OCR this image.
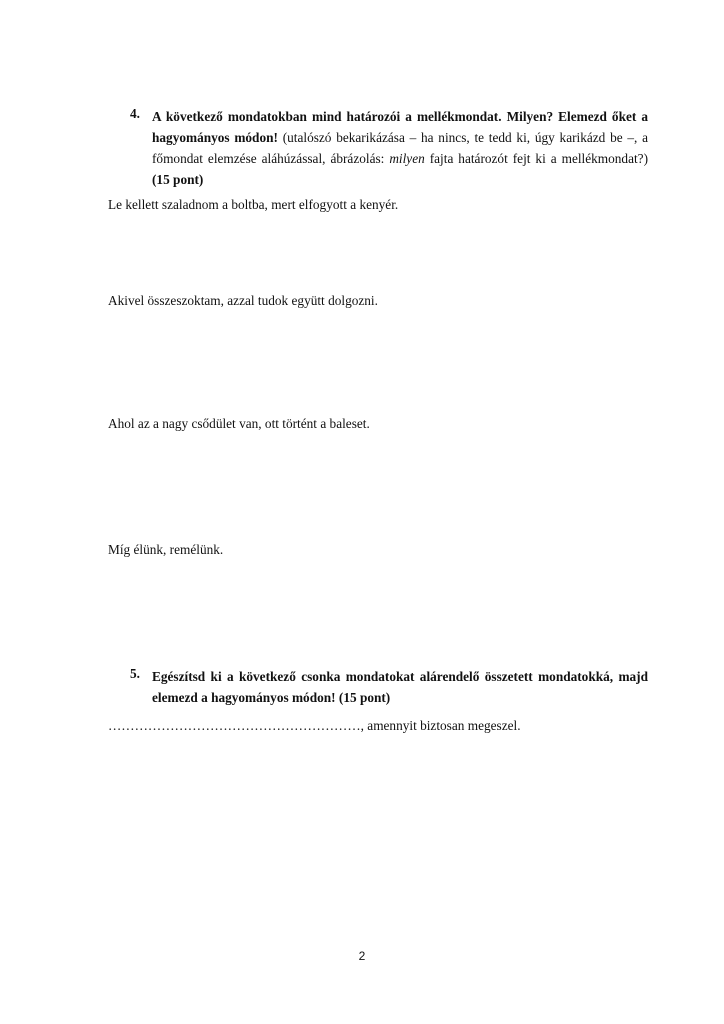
4. A következő mondatokban mind határozói a mellékmondat. Milyen? Elemezd őket a hagyományos módon! (utalószó bekarikázása – ha nincs, te tedd ki, úgy karikázd be –, a főmondat elemzése aláhúzással, ábrázolás: milyen fajta határozót fejt ki a mellékmondat?) (15 pont)
Le kellett szaladnom a boltba, mert elfogyott a kenyér.
Akivel összeszoktam, azzal tudok együtt dolgozni.
Ahol az a nagy csődület van, ott történt a baleset.
Míg élünk, remélünk.
5. Egészítsd ki a következő csonka mondatokat alárendelő összetett mondatokká, majd elemezd a hagyományos módon! (15 pont)
…………………………………………………, amennyit biztosan megeszel.
2
